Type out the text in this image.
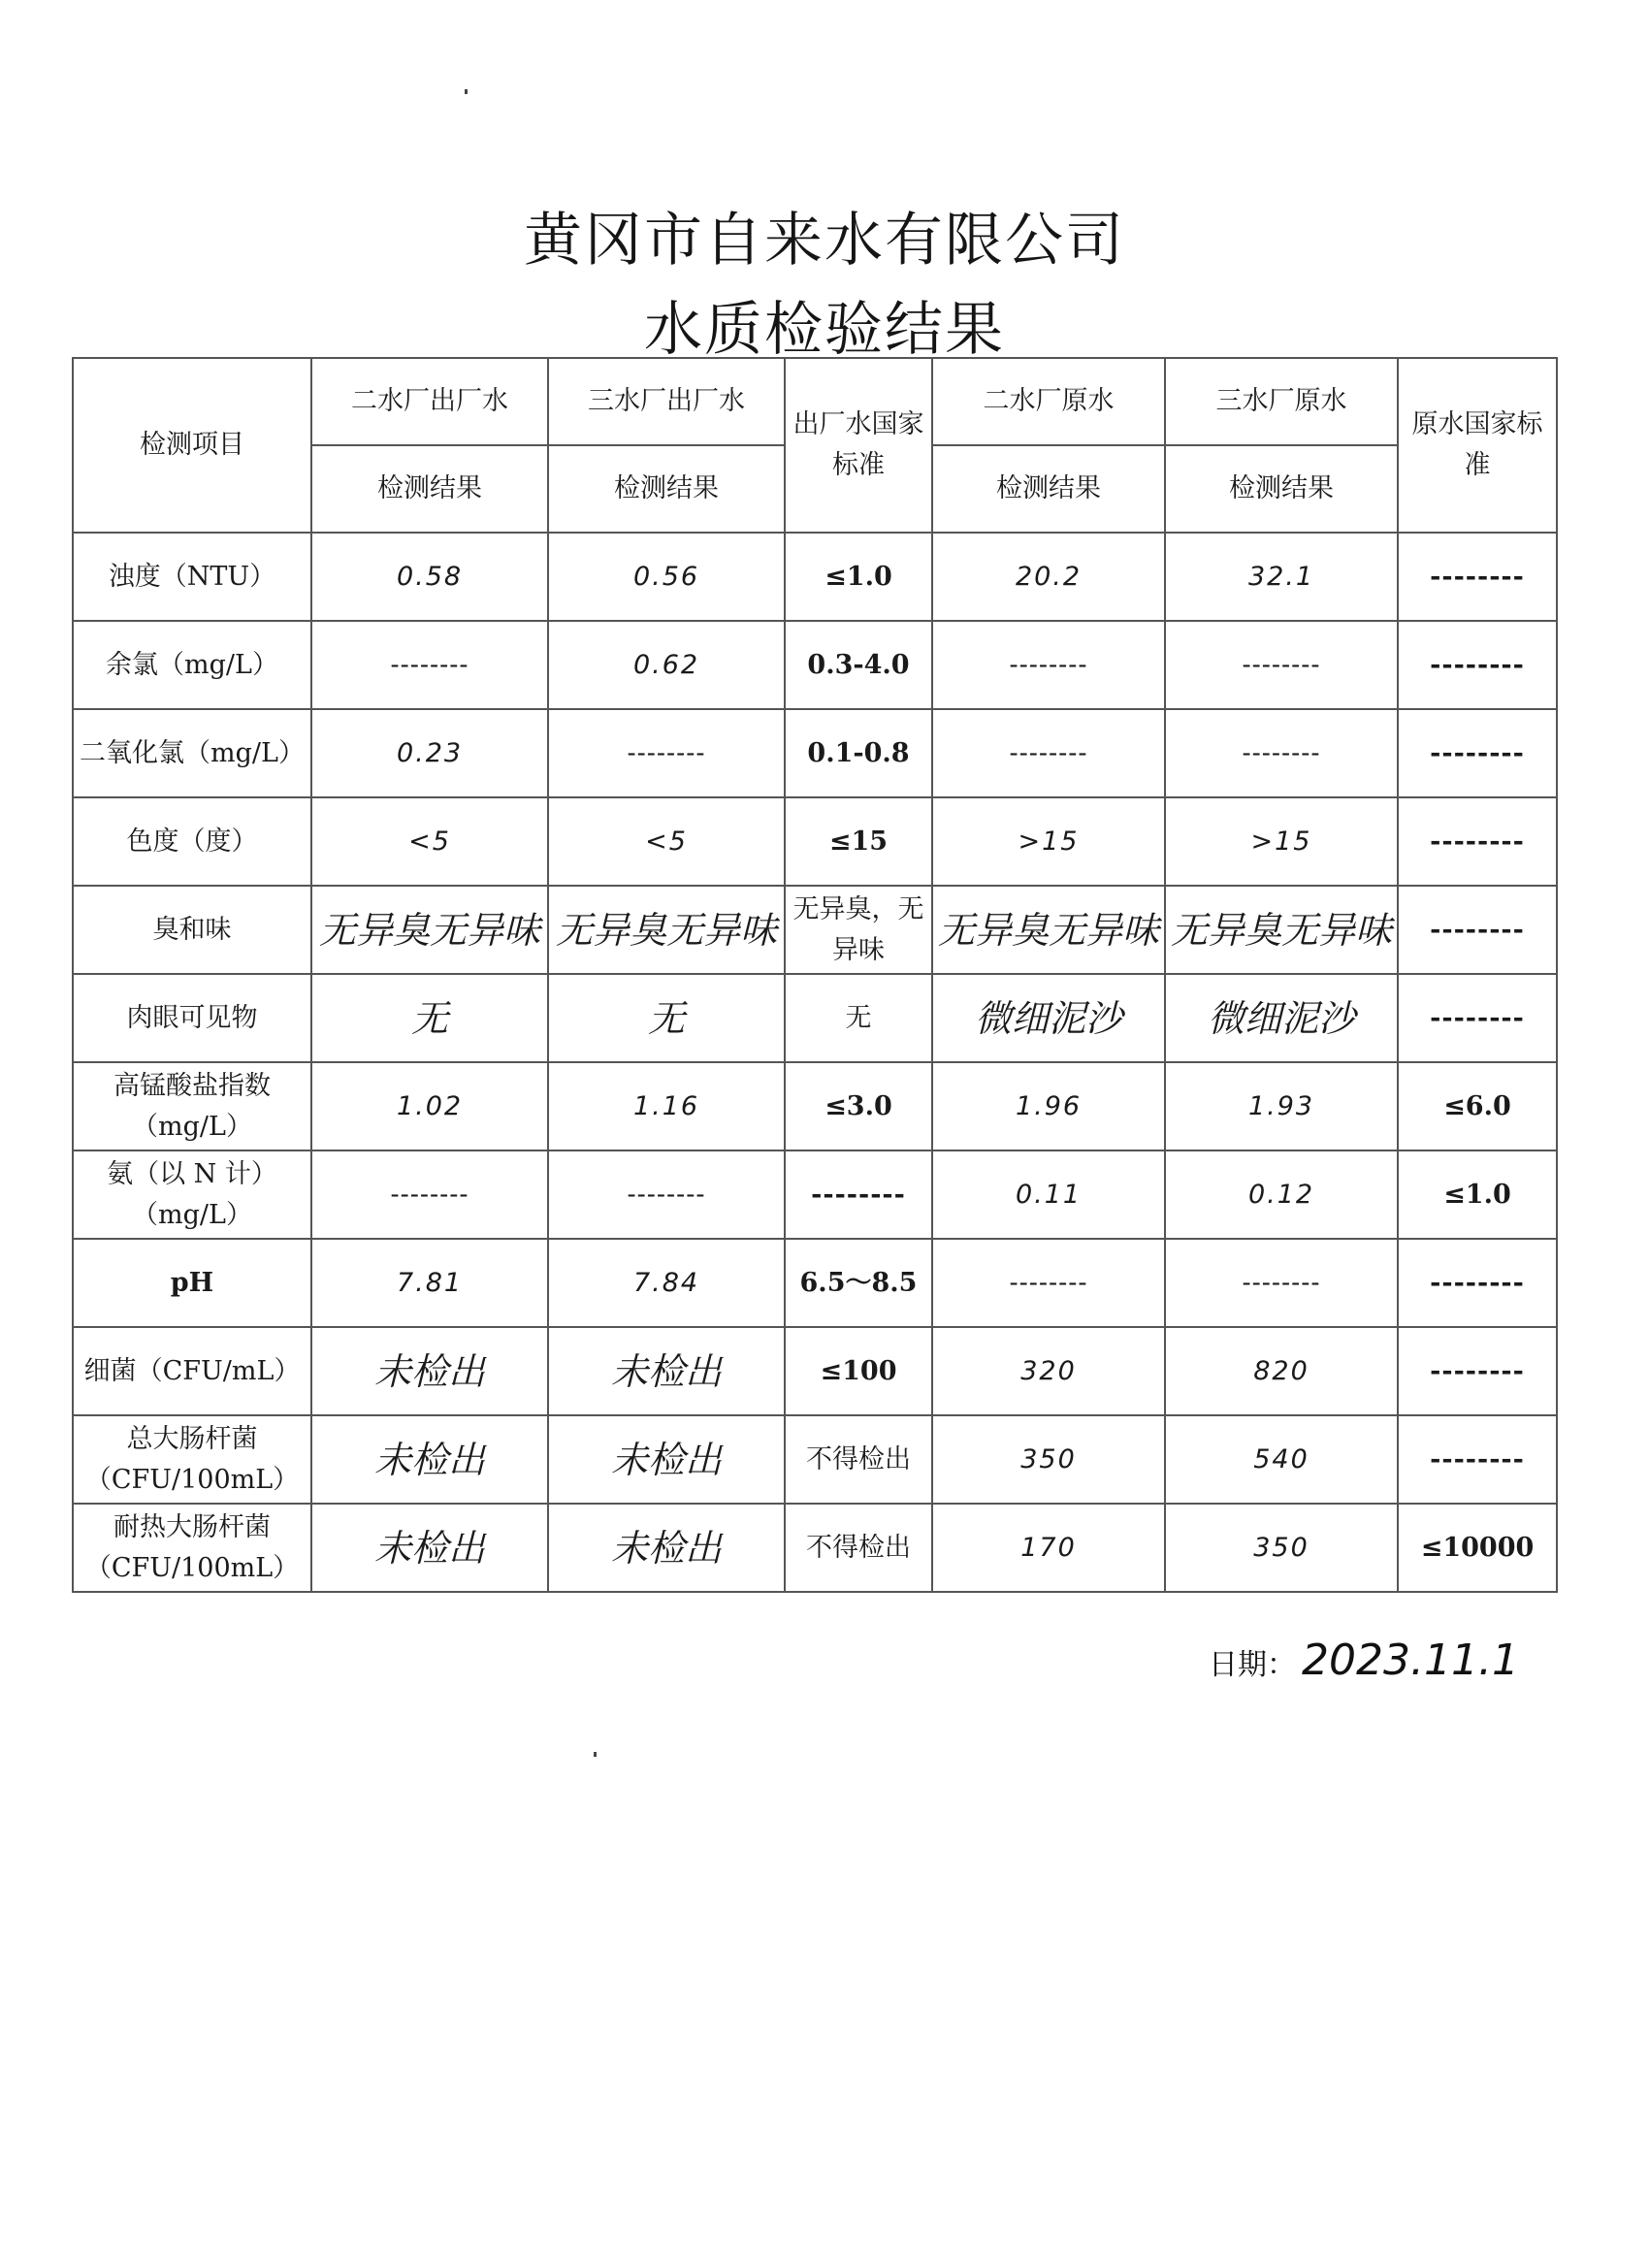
黄冈市自来水有限公司
水质检验结果
检测项目	二水厂出厂水	三水厂出厂水	出厂水国家标准	二水厂原水	三水厂原水	原水国家标准
	检测结果	检测结果		检测结果	检测结果	
浊度（NTU）	0.58	0.56	≤1.0	20.2	32.1	--------
余氯（mg/L）	--------	0.62	0.3-4.0	--------	--------	--------
二氧化氯（mg/L）	0.23	--------	0.1-0.8	--------	--------	--------
色度（度）	<5	<5	≤15	>15	>15	--------
臭和味	无异臭无异味	无异臭无异味	无异臭，无异味	无异臭无异味	无异臭无异味	--------
肉眼可见物	无	无	无	微细泥沙	微细泥沙	--------
高锰酸盐指数（mg/L）	1.02	1.16	≤3.0	1.96	1.93	≤6.0
氨（以 N 计）（mg/L）	--------	--------	--------	0.11	0.12	≤1.0
pH	7.81	7.84	6.5～8.5	--------	--------	--------
细菌（CFU/mL）	未检出	未检出	≤100	320	820	--------
总大肠杆菌（CFU/100mL）	未检出	未检出	不得检出	350	540	--------
耐热大肠杆菌（CFU/100mL）	未检出	未检出	不得检出	170	350	≤10000
日期： 2023.11.1
